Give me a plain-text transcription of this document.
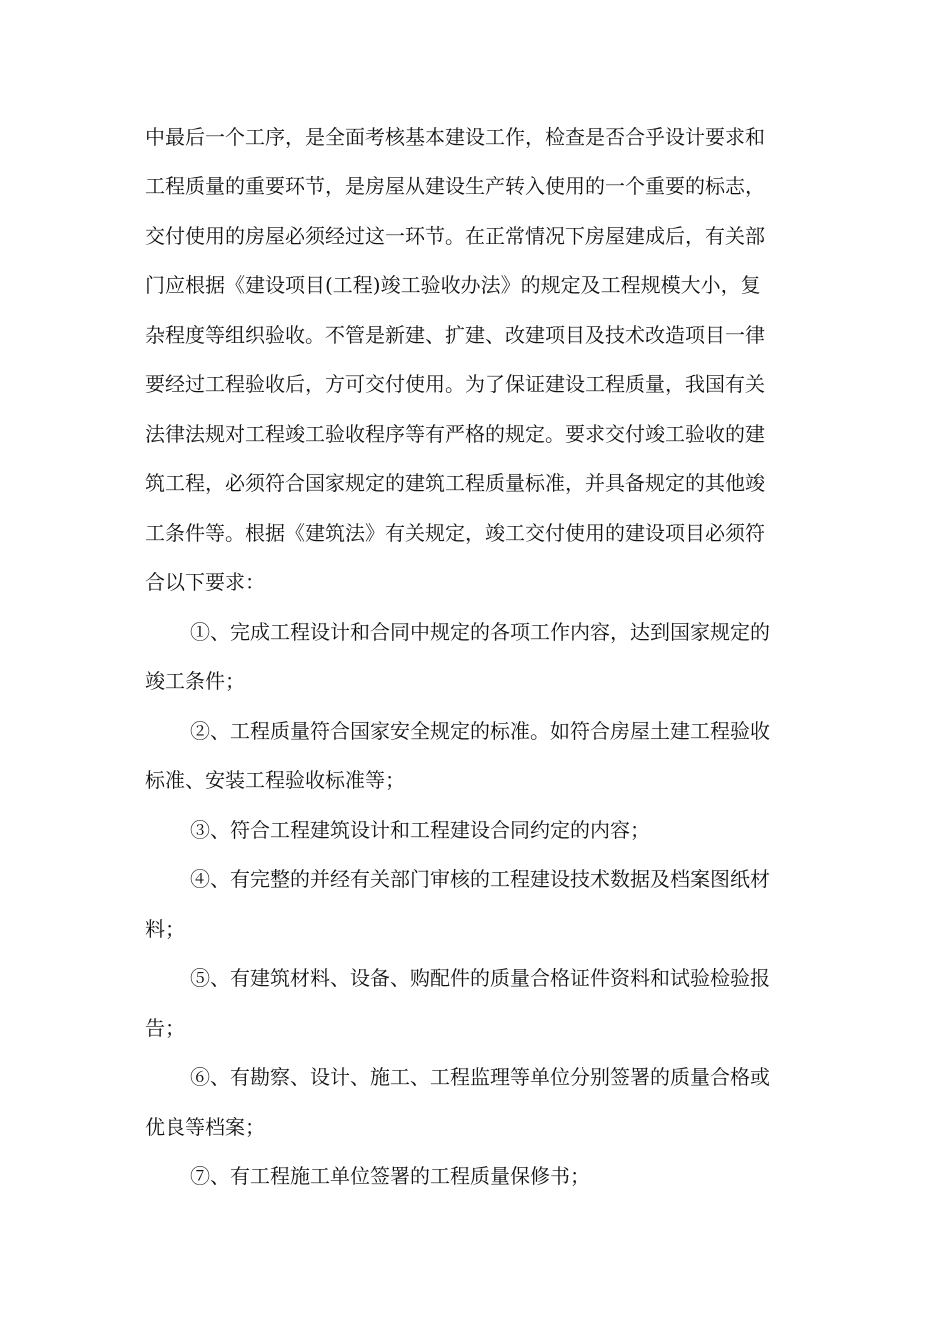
中最后一个工序，是全面考核基本建设工作，检查是否合乎设计要求和
工程质量的重要环节，是房屋从建设生产转入使用的一个重要的标志，
交付使用的房屋必须经过这一环节。在正常情况下房屋建成后，有关部
门应根据《建设项目(工程)竣工验收办法》的规定及工程规模大小，复
杂程度等组织验收。不管是新建、扩建、改建项目及技术改造项目一律
要经过工程验收后，方可交付使用。为了保证建设工程质量，我国有关
法律法规对工程竣工验收程序等有严格的规定。要求交付竣工验收的建
筑工程，必须符合国家规定的建筑工程质量标准，并具备规定的其他竣
工条件等。根据《建筑法》有关规定，竣工交付使用的建设项目必须符
合以下要求：
①、完成工程设计和合同中规定的各项工作内容，达到国家规定的
竣工条件；
②、工程质量符合国家安全规定的标准。如符合房屋土建工程验收
标准、安装工程验收标准等；
③、符合工程建筑设计和工程建设合同约定的内容；
④、有完整的并经有关部门审核的工程建设技术数据及档案图纸材
料；
⑤、有建筑材料、设备、购配件的质量合格证件资料和试验检验报
告；
⑥、有勘察、设计、施工、工程监理等单位分别签署的质量合格或
优良等档案；
⑦、有工程施工单位签署的工程质量保修书；
